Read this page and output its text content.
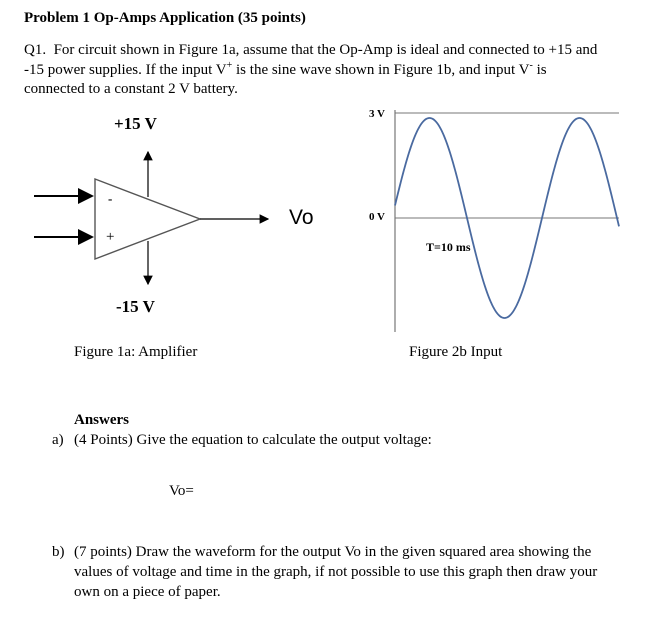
Problem 1 Op-Amps Application (35 points)
Q1. For circuit shown in Figure 1a, assume that the Op-Amp is ideal and connected to +15 and
-15 power supplies. If the input V+ is the sine wave shown in Figure 1b, and input V- is
connected to a constant 2 V battery.
+15 V
-15 V
-
+
Vo
Figure 1a: Amplifier
3 V
0 V
T=10 ms
Figure 2b Input
Answers
a) (4 Points) Give the equation to calculate the output voltage:
Vo=
b) (7 points) Draw the waveform for the output Vo in the given squared area showing the
values of voltage and time in the graph, if not possible to use this graph then draw your
own on a piece of paper.
